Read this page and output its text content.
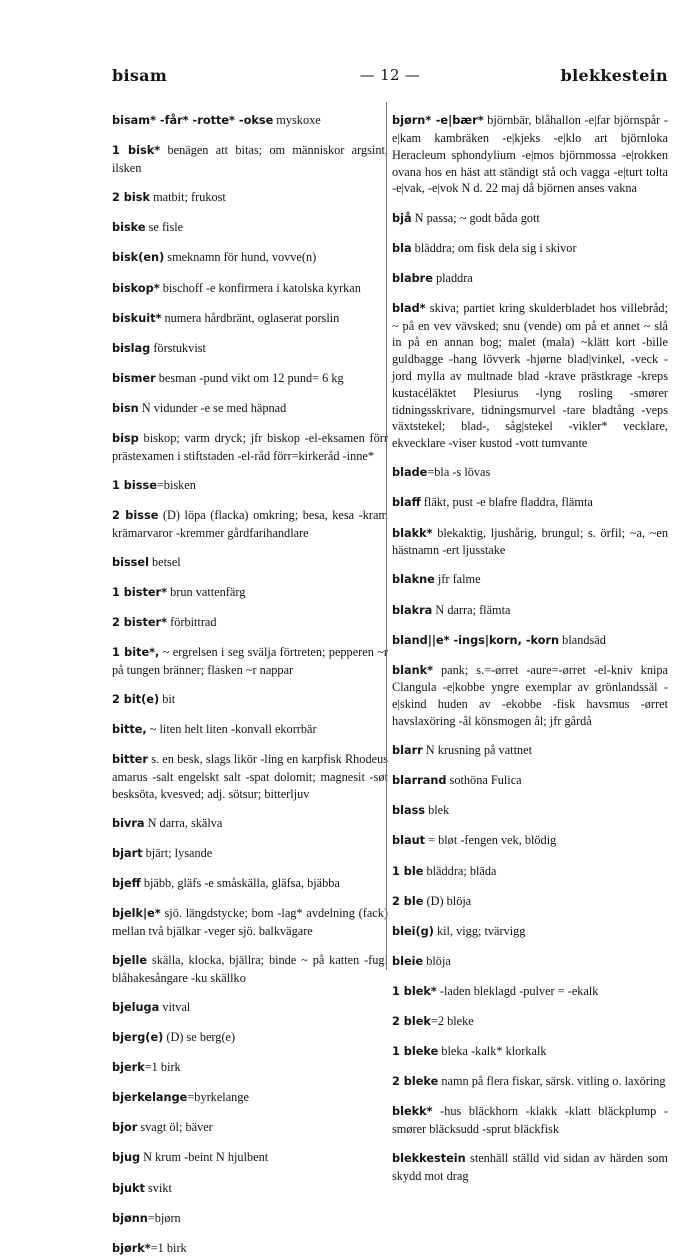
bisam	— 12 —	blekkestein

bisam* -får* -rotte* -okse myskoxe

1 bisk* benägen att bitas; om människor argsint, ilsken

2 bisk matbit; frukost

biske se fisle

bisk(en) smeknamn för hund, vovve(n)

biskop* bischoff -e konfirmera i katolska kyrkan

biskuit* numera hårdbränt, oglaserat porslin

bislag förstukvist

bismer besman -pund vikt om 12 pund= 6 kg

bisn N vidunder -e se med häpnad

bisp biskop; varm dryck; jfr biskop -el-eksamen förr prästexamen i stiftstaden -el-råd förr=kirkeråd -inne*

1 bisse=bisken

2 bisse (D) löpa (flacka) omkring; besa, kesa -kram krämarvaror -kremmer gårdfarihandlare

bissel betsel

1 bister* brun vattenfärg

2 bister* förbittrad

1 bite*, ~ ergrelsen i seg svälja förtreten; pepperen ~r på tungen bränner; flasken ~r nappar

2 bit(e) bit

bitte, ~ liten helt liten -konvall ekorrbär

bitter s. en besk, slags likör -ling en karpfisk Rhodeus amarus -salt engelskt salt -spat dolomit; magnesit -søt besksöta, kvesved; adj. sötsur; bitterljuv

bivra N darra, skälva

bjart bjärt; lysande

bjeff bjäbb, gläfs -e småskälla, gläfsa, bjäbba

bjelk|e* sjö. längdstycke; bom -lag* avdelning (fack) mellan två bjälkar -veger sjö. balkvägare

bjelle skälla, klocka, bjällra; binde ~ på katten -fugl blåhakesångare -ku skällko

bjeluga vitval

bjerg(e) (D) se berg(e)

bjerk=1 birk

bjerkelange=byrkelange

bjor svagt öl; bäver

bjug N krum -beint N hjulbent

bjukt svikt

bjønn=bjørn

bjørk*=1 birk

bjørn* -e|bær* björnbär, blåhallon -e|far björnspår -e|kam kambräken -e|kjeks -e|klo art björnloka Heracleum sphondylium -e|mos björnmossa -e|rokken ovana hos en häst att ständigt stå och vagga -e|turt tolta -e|vak, -e|vok N d. 22 maj då björnen anses vakna

bjå N passa; ~ godt båda gott

bla bläddra; om fisk dela sig i skivor

blabre pladdra

blad* skiva; partiet kring skulderbladet hos villebråd; ~ på en vev vävsked; snu (vende) om på et annet ~ slå in på en annan bog; malet (mala) ~klätt kort -bille guldbagge -hang lövverk -hjørne blad|vinkel, -veck -jord mylla av multnade blad -krave prästkrage -kreps kustacéläktet Plesiurus -lyng rosling -smører tidningsskrivare, tidningsmurvel -tare bladtång -veps växtstekel; blad-, såg|stekel -vikler* vecklare, ekvecklare -viser kustod -vott tumvante

blade=bla -s lövas

blaff fläkt, pust -e blafre fladdra, flämta

blakk* blekaktig, ljushårig, brungul; s. örfil; ~a, ~en hästnamn -ert ljusstake

blakne jfr falme

blakra N darra; flämta

bland||e* -ings|korn, -korn blandsäd

blank* pank; s.=-ørret -aure=-ørret -el-kniv knipa Clangula -e|kobbe yngre exemplar av grönlandssäl -e|skind huden av -ekobbe -fisk havsmus -ørret havslaxöring -ål könsmogen ål; jfr gårdå

blarr N krusning på vattnet

blarrand sothöna Fulica

blass blek

blaut = bløt -fengen vek, blödig

1 ble bläddra; bläda

2 ble (D) blöja

blei(g) kil, vigg; tvärvigg

bleie blöja

1 blek* -laden bleklagd -pulver = -ekalk

2 blek=2 bleke

1 bleke bleka -kalk* klorkalk

2 bleke namn på flera fiskar, särsk. vitling o. laxöring

blekk* -hus bläckhorn -klakk -klatt bläckplump -smører bläcksudd -sprut bläckfisk

blekkestein stenhäll ställd vid sidan av härden som skydd mot drag
